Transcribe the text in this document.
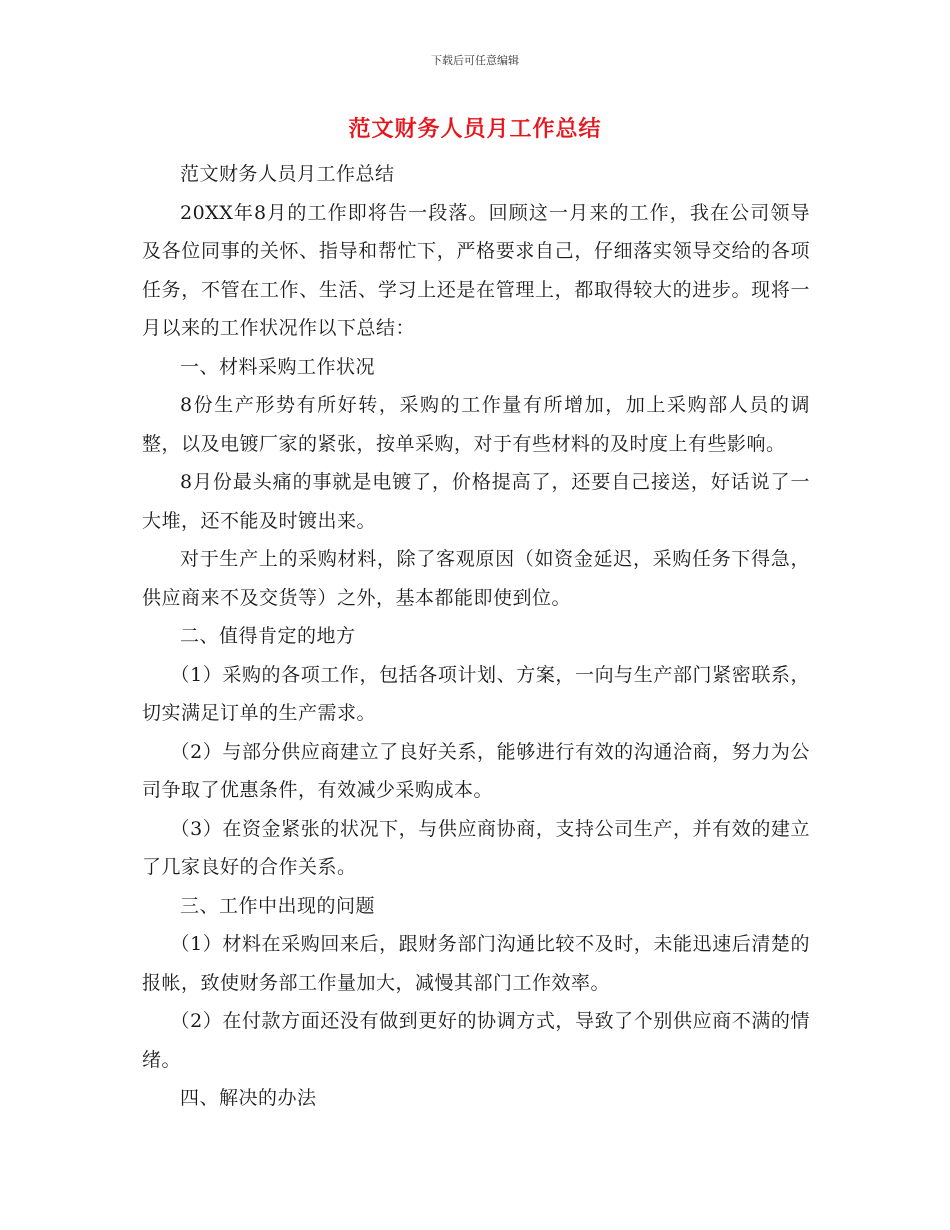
下载后可任意编辑
范文财务人员月工作总结

范文财务人员月工作总结

20XX年8月的工作即将告一段落。回顾这一月来的工作，我在公司领导及各位同事的关怀、指导和帮忙下，严格要求自己，仔细落实领导交给的各项任务，不管在工作、生活、学习上还是在管理上，都取得较大的进步。现将一月以来的工作状况作以下总结：

一、材料采购工作状况

8份生产形势有所好转，采购的工作量有所增加，加上采购部人员的调整，以及电镀厂家的紧张，按单采购，对于有些材料的及时度上有些影响。

8月份最头痛的事就是电镀了，价格提高了，还要自己接送，好话说了一大堆，还不能及时镀出来。

对于生产上的采购材料，除了客观原因（如资金延迟，采购任务下得急，供应商来不及交货等）之外，基本都能即使到位。

二、值得肯定的地方

（1）采购的各项工作，包括各项计划、方案，一向与生产部门紧密联系，切实满足订单的生产需求。

（2）与部分供应商建立了良好关系，能够进行有效的沟通洽商，努力为公司争取了优惠条件，有效减少采购成本。

（3）在资金紧张的状况下，与供应商协商，支持公司生产，并有效的建立了几家良好的合作关系。

三、工作中出现的问题

（1）材料在采购回来后，跟财务部门沟通比较不及时，未能迅速后清楚的报帐，致使财务部工作量加大，减慢其部门工作效率。

（2）在付款方面还没有做到更好的协调方式，导致了个别供应商不满的情绪。

四、解决的办法
